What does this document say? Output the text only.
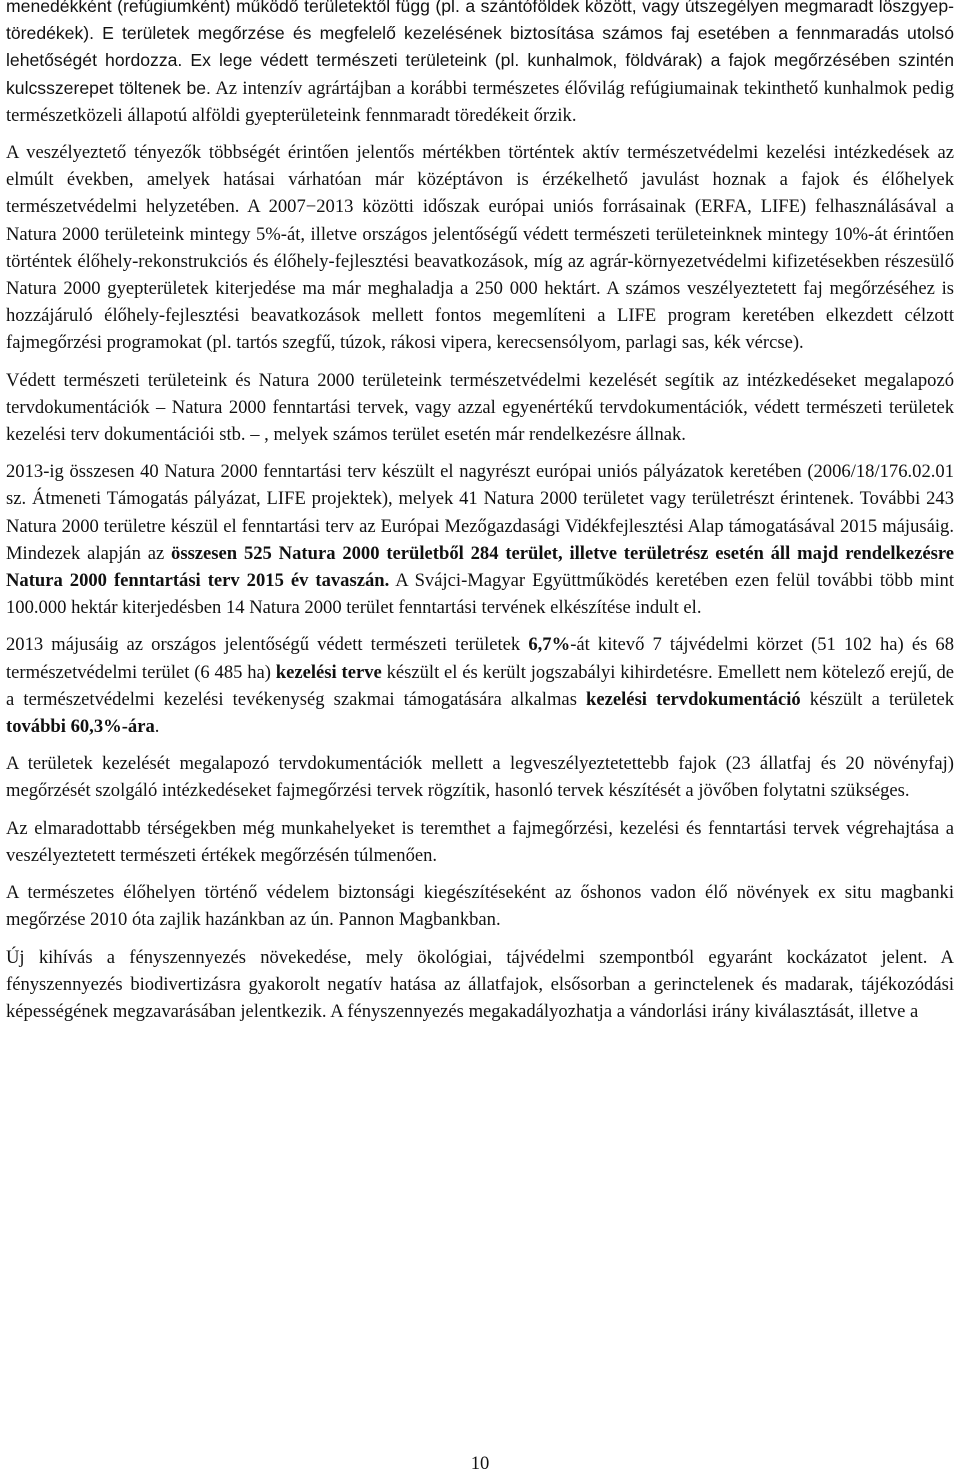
menedékként (refúgiumként) működő területektől függ (pl. a szántóföldek között, vagy útszegélyen megmaradt löszgyep-töredékek). E területek megőrzése és megfelelő kezelésének biztosítása számos faj esetében a fennmaradás utolsó lehetőségét hordozza. Ex lege védett természeti területeink (pl. kunhalmok, földvárak) a fajok megőrzésében szintén kulcsszerepet töltenek be. Az intenzív agrártájban a korábbi természetes élővilág refúgiumainak tekinthető kunhalmok pedig természetközeli állapotú alföldi gyepterületeink fennmaradt töredékeit őrzik.

A veszélyeztető tényezők többségét érintően jelentős mértékben történtek aktív természetvédelmi kezelési intézkedések az elmúlt években, amelyek hatásai várhatóan már középtávon is érzékelhető javulást hoznak a fajok és élőhelyek természetvédelmi helyzetében. A 2007−2013 közötti időszak európai uniós forrásainak (ERFA, LIFE) felhasználásával a Natura 2000 területeink mintegy 5%-át, illetve országos jelentőségű védett természeti területeinknek mintegy 10%-át érintően történtek élőhely-rekonstrukciós és élőhely-fejlesztési beavatkozások, míg az agrár-környezetvédelmi kifizetésekben részesülő Natura 2000 gyepterületek kiterjedése ma már meghaladja a 250 000 hektárt. A számos veszélyeztetett faj megőrzéséhez is hozzájáruló élőhely-fejlesztési beavatkozások mellett fontos megemlíteni a LIFE program keretében elkezdett célzott fajmegőrzési programokat (pl. tartós szegfű, túzok, rákosi vipera, kerecsensólyom, parlagi sas, kék vércse).

Védett természeti területeink és Natura 2000 területeink természetvédelmi kezelését segítik az intézkedéseket megalapozó tervdokumentációk – Natura 2000 fenntartási tervek, vagy azzal egyenértékű tervdokumentációk, védett természeti területek kezelési terv dokumentációi stb. – , melyek számos terület esetén már rendelkezésre állnak.

2013-ig összesen 40 Natura 2000 fenntartási terv készült el nagyrészt európai uniós pályázatok keretében (2006/18/176.02.01 sz. Átmeneti Támogatás pályázat, LIFE projektek), melyek 41 Natura 2000 területet vagy területrészt érintenek. További 243 Natura 2000 területre készül el fenntartási terv az Európai Mezőgazdasági Vidékfejlesztési Alap támogatásával 2015 májusáig. Mindezek alapján az összesen 525 Natura 2000 területből 284 terület, illetve területrész esetén áll majd rendelkezésre Natura 2000 fenntartási terv 2015 év tavaszán. A Svájci-Magyar Együttműködés keretében ezen felül további több mint 100.000 hektár kiterjedésben 14 Natura 2000 terület fenntartási tervének elkészítése indult el.

2013 májusáig az országos jelentőségű védett természeti területek 6,7%-át kitevő 7 tájvédelmi körzet (51 102 ha) és 68 természetvédelmi terület (6 485 ha) kezelési terve készült el és került jogszabályi kihirdetésre. Emellett nem kötelező erejű, de a természetvédelmi kezelési tevékenység szakmai támogatására alkalmas kezelési tervdokumentáció készült a területek további 60,3%-ára.

A területek kezelését megalapozó tervdokumentációk mellett a legveszélyeztetettebb fajok (23 állatfaj és 20 növényfaj) megőrzését szolgáló intézkedéseket fajmegőrzési tervek rögzítik, hasonló tervek készítését a jövőben folytatni szükséges.

Az elmaradottabb térségekben még munkahelyeket is teremthet a fajmegőrzési, kezelési és fenntartási tervek végrehajtása a veszélyeztetett természeti értékek megőrzésén túlmenően.

A természetes élőhelyen történő védelem biztonsági kiegészítéseként az őshonos vadon élő növények ex situ magbanki megőrzése 2010 óta zajlik hazánkban az ún. Pannon Magbankban.

Új kihívás a fényszennyezés növekedése, mely ökológiai, tájvédelmi szempontból egyaránt kockázatot jelent. A fényszennyezés biodivertizásra gyakorolt negatív hatása az állatfajok, elsősorban a gerinctelenek és madarak, tájékozódási képességének megzavarásában jelentkezik. A fényszennyezés megakadályozhatja a vándorlási irány kiválasztását, illetve a

10
